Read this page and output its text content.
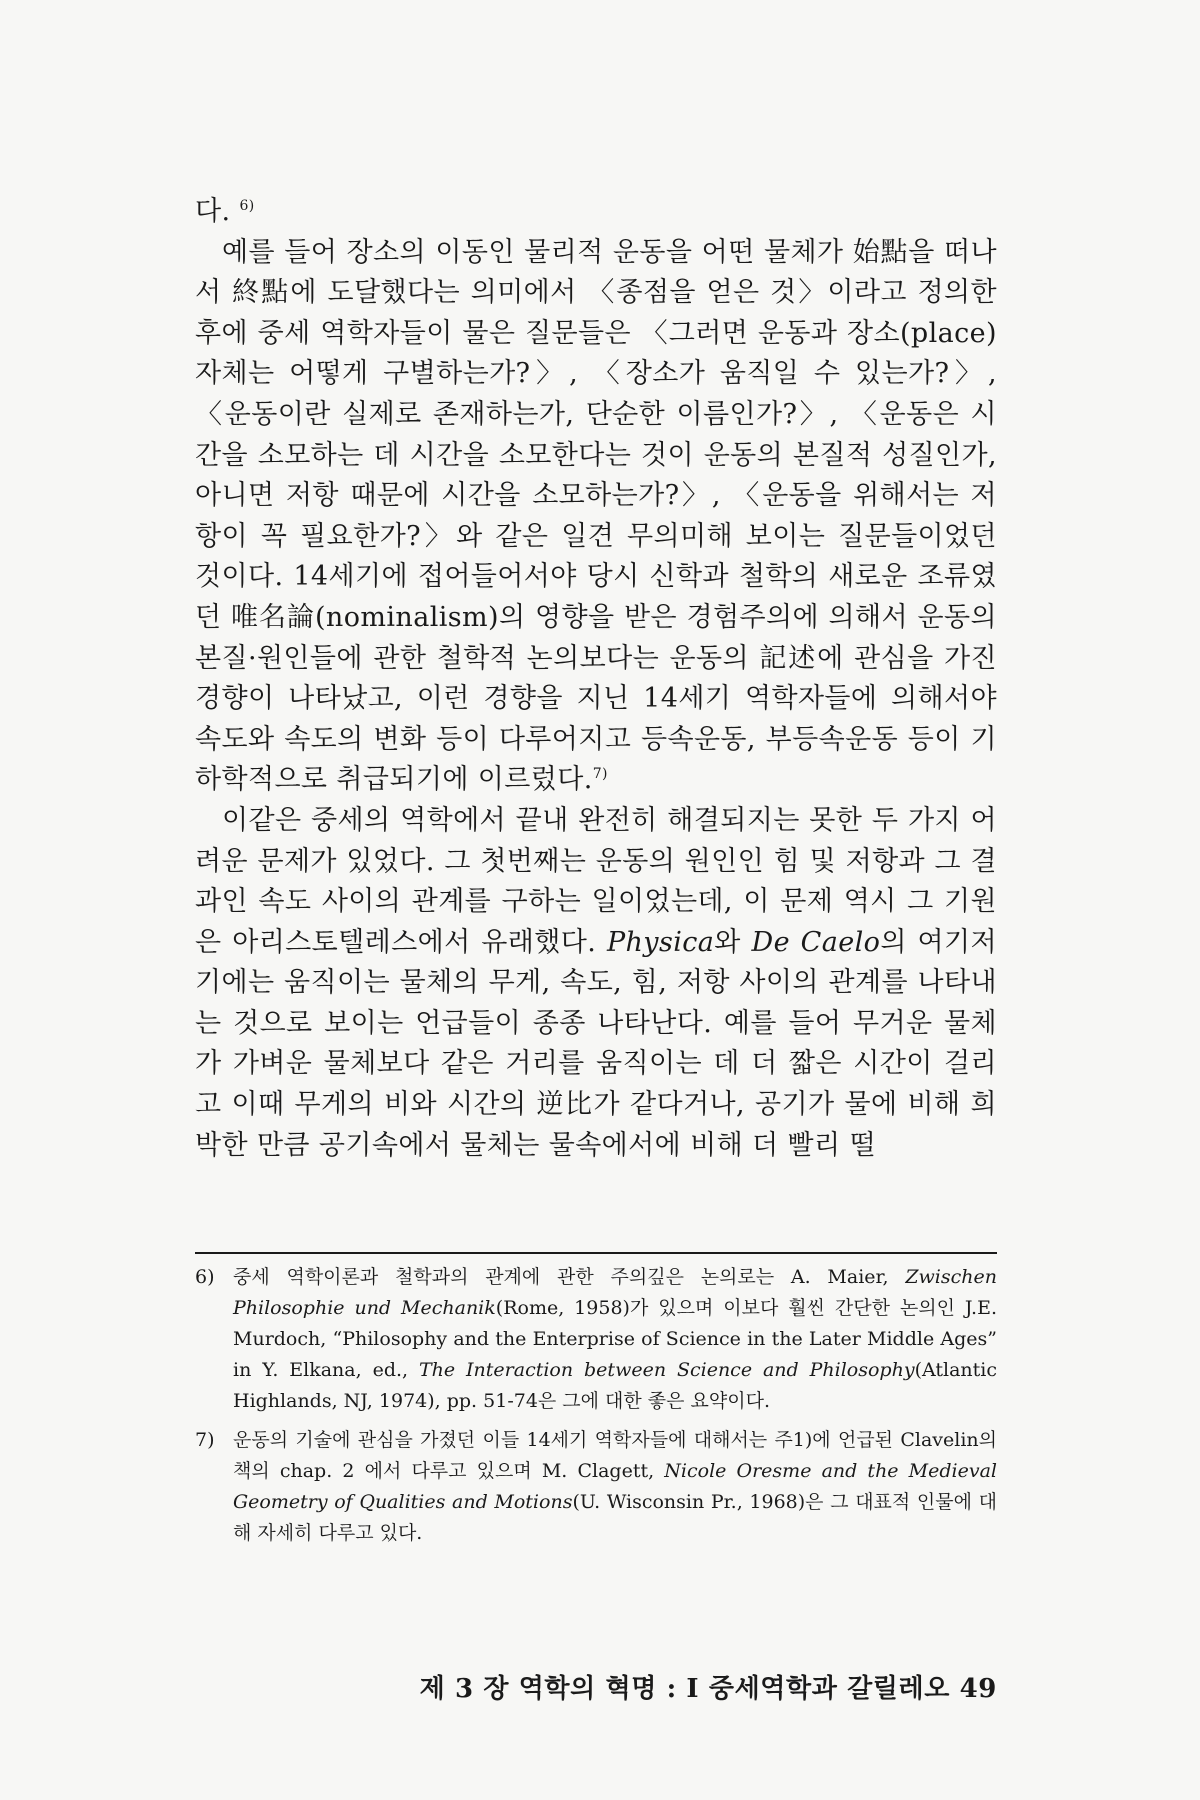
다. $^{6)}$

예를 들어 장소의 이동인 물리적 운동을 어떤 물체가 始點을 떠나서 終點에 도달했다는 의미에서 〈종점을 얻은 것〉이라고 정의한 후에 중세 역학자들이 물은 질문들은 〈그러면 운동과 장소(place) 자체는 어떻게 구별하는가?〉, 〈장소가 움직일 수 있는가?〉, 〈운동이란 실제로 존재하는가, 단순한 이름인가?〉, 〈운동은 시간을 소모하는 데 시간을 소모한다는 것이 운동의 본질적 성질인가, 아니면 저항 때문에 시간을 소모하는가?〉, 〈운동을 위해서는 저항이 꼭 필요한가?〉와 같은 일견 무의미해 보이는 질문들이었던 것이다. 14세기에 접어들어서야 당시 신학과 철학의 새로운 조류였던 唯名論(nominalism)의 영향을 받은 경험주의에 의해서 운동의 본질·원인들에 관한 철학적 논의보다는 운동의 記述에 관심을 가진 경향이 나타났고, 이런 경향을 지닌 14세기 역학자들에 의해서야 속도와 속도의 변화 등이 다루어지고 등속운동, 부등속운동 등이 기하학적으로 취급되기에 이르렀다.$^{7)}$

이같은 중세의 역학에서 끝내 완전히 해결되지는 못한 두 가지 어려운 문제가 있었다. 그 첫번째는 운동의 원인인 힘 및 저항과 그 결과인 속도 사이의 관계를 구하는 일이었는데, 이 문제 역시 그 기원은 아리스토텔레스에서 유래했다. Physica와 De Caelo의 여기저기에는 움직이는 물체의 무게, 속도, 힘, 저항 사이의 관계를 나타내는 것으로 보이는 언급들이 종종 나타난다. 예를 들어 무거운 물체가 가벼운 물체보다 같은 거리를 움직이는 데 더 짧은 시간이 걸리고 이때 무게의 비와 시간의 逆比가 같다거나, 공기가 물에 비해 희박한 만큼 공기속에서 물체는 물속에서에 비해 더 빨리 떨

6) 중세 역학이론과 철학과의 관계에 관한 주의깊은 논의로는 A. Maier, Zwischen Philosophie und Mechanik(Rome, 1958)가 있으며 이보다 훨씬 간단한 논의인 J.E. Murdoch, “Philosophy and the Enterprise of Science in the Later Middle Ages” in Y. Elkana, ed., The Interaction between Science and Philosophy(Atlantic Highlands, NJ, 1974), pp. 51-74은 그에 대한 좋은 요약이다.
7) 운동의 기술에 관심을 가졌던 이들 14세기 역학자들에 대해서는 주1)에 언급된 Clavelin의 책의 chap. 2 에서 다루고 있으며 M. Clagett, Nicole Oresme and the Medieval Geometry of Qualities and Motions(U. Wisconsin Pr., 1968)은 그 대표적 인물에 대해 자세히 다루고 있다.
제 3 장 역학의 혁명 : I 중세역학과 갈릴레오 49
